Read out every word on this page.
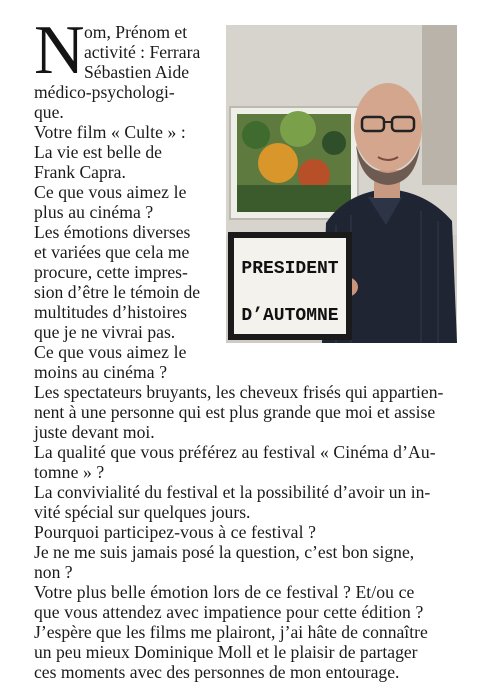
N om, Prénom et
activité : Ferrara
Sébastien Aide
médico-psychologi-
que.
Votre film « Culte » :
La vie est belle de
Frank Capra.
Ce que vous aimez le
plus au cinéma ?
Les émotions diverses
et variées que cela me
procure, cette impres-
sion d’être le témoin de
multitudes d’histoires
que je ne vivrai pas.
Ce que vous aimez le
moins au cinéma ?
Les spectateurs bruyants, les cheveux frisés qui appartien-
nent à une personne qui est plus grande que moi et assise
juste devant moi.
La qualité que vous préférez au festival « Cinéma d’Au-
tomne » ?
La convivialité du festival et la possibilité d’avoir un in-
vité spécial sur quelques jours.
Pourquoi participez-vous à ce festival ?
Je ne me suis jamais posé la question, c’est bon signe,
non ?
Votre plus belle émotion lors de ce festival ? Et/ou ce
que vous attendez avec impatience pour cette édition ?
J’espère que les films me plairont, j’ai hâte de connaître
un peu mieux Dominique Moll et le plaisir de partager
ces moments avec des personnes de mon entourage.
PRESIDENT
D’AUTOMNE
